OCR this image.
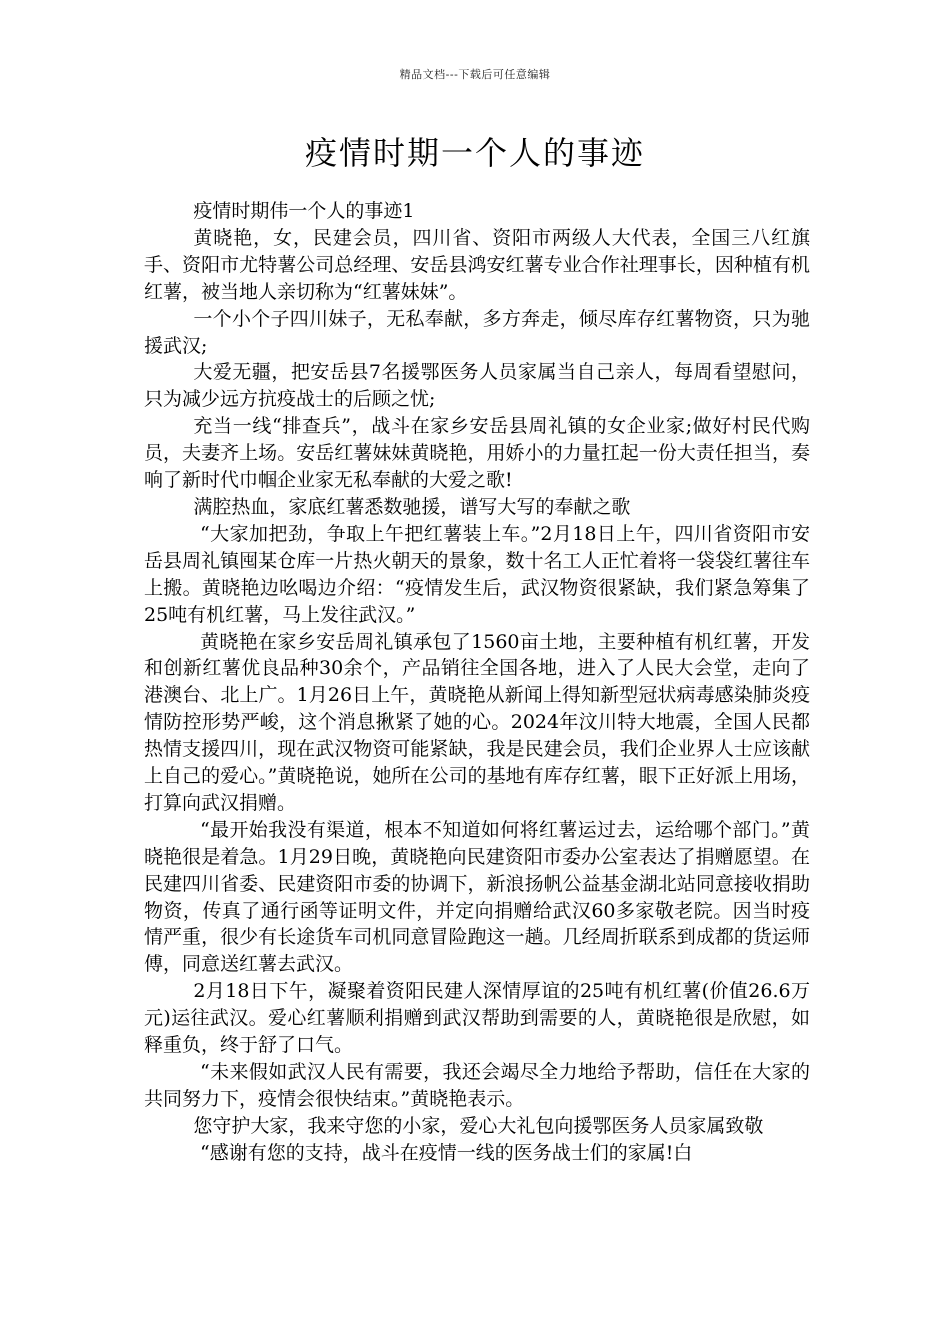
精品文档---下载后可任意编辑
疫情时期一个人的事迹

疫情时期伟一个人的事迹1

黄晓艳，女，民建会员，四川省、资阳市两级人大代表，全国三八红旗手、资阳市尤特薯公司总经理、安岳县鸿安红薯专业合作社理事长，因种植有机红薯，被当地人亲切称为“红薯妹妹”。

一个小个子四川妹子，无私奉献，多方奔走，倾尽库存红薯物资，只为驰援武汉;

大爱无疆，把安岳县7名援鄂医务人员家属当自己亲人，每周看望慰问，只为减少远方抗疫战士的后顾之忧;

充当一线“排查兵”，战斗在家乡安岳县周礼镇的女企业家;做好村民代购员，夫妻齐上场。安岳红薯妹妹黄晓艳，用娇小的力量扛起一份大责任担当，奏响了新时代巾帼企业家无私奉献的大爱之歌!

满腔热血，家底红薯悉数驰援，谱写大写的奉献之歌

“大家加把劲，争取上午把红薯装上车。”2月18日上午，四川省资阳市安岳县周礼镇囤某仓库一片热火朝天的景象，数十名工人正忙着将一袋袋红薯往车上搬。黄晓艳边吆喝边介绍：“疫情发生后，武汉物资很紧缺，我们紧急筹集了25吨有机红薯，马上发往武汉。”

黄晓艳在家乡安岳周礼镇承包了1560亩土地，主要种植有机红薯，开发和创新红薯优良品种30余个，产品销往全国各地，进入了人民大会堂，走向了港澳台、北上广。1月26日上午，黄晓艳从新闻上得知新型冠状病毒感染肺炎疫情防控形势严峻，这个消息揪紧了她的心。2024年汶川特大地震，全国人民都热情支援四川，现在武汉物资可能紧缺，我是民建会员，我们企业界人士应该献上自己的爱心。”黄晓艳说，她所在公司的基地有库存红薯，眼下正好派上用场，打算向武汉捐赠。

“最开始我没有渠道，根本不知道如何将红薯运过去，运给哪个部门。”黄晓艳很是着急。1月29日晚，黄晓艳向民建资阳市委办公室表达了捐赠愿望。在民建四川省委、民建资阳市委的协调下，新浪扬帆公益基金湖北站同意接收捐助物资，传真了通行函等证明文件，并定向捐赠给武汉60多家敬老院。因当时疫情严重，很少有长途货车司机同意冒险跑这一趟。几经周折联系到成都的货运师傅，同意送红薯去武汉。

2月18日下午，凝聚着资阳民建人深情厚谊的25吨有机红薯(价值26.6万元)运往武汉。爱心红薯顺利捐赠到武汉帮助到需要的人，黄晓艳很是欣慰，如释重负，终于舒了口气。

“未来假如武汉人民有需要，我还会竭尽全力地给予帮助，信任在大家的共同努力下，疫情会很快结束。”黄晓艳表示。

您守护大家，我来守您的小家，爱心大礼包向援鄂医务人员家属致敬

“感谢有您的支持，战斗在疫情一线的医务战士们的家属!白
